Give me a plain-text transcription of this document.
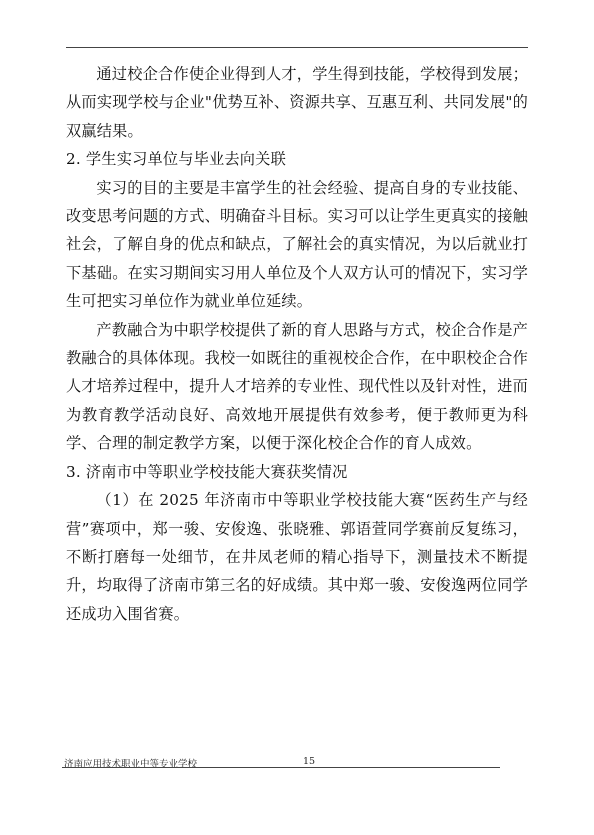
通过校企合作使企业得到人才，学生得到技能，学校得到发展；从而实现学校与企业"优势互补、资源共享、互惠互利、共同发展"的双赢结果。

2. 学生实习单位与毕业去向关联

实习的目的主要是丰富学生的社会经验、提高自身的专业技能、改变思考问题的方式、明确奋斗目标。实习可以让学生更真实的接触社会，了解自身的优点和缺点，了解社会的真实情况，为以后就业打下基础。在实习期间实习用人单位及个人双方认可的情况下，实习学生可把实习单位作为就业单位延续。

产教融合为中职学校提供了新的育人思路与方式，校企合作是产教融合的具体体现。我校一如既往的重视校企合作，在中职校企合作人才培养过程中，提升人才培养的专业性、现代性以及针对性，进而为教育教学活动良好、高效地开展提供有效参考，便于教师更为科学、合理的制定教学方案，以便于深化校企合作的育人成效。

3. 济南市中等职业学校技能大赛获奖情况

（1）在 2025 年济南市中等职业学校技能大赛“医药生产与经营”赛项中，郑一骏、安俊逸、张晓雅、郭语萱同学赛前反复练习，不断打磨每一处细节，在井凤老师的精心指导下，测量技术不断提升，均取得了济南市第三名的好成绩。其中郑一骏、安俊逸两位同学还成功入围省赛。

济南应用技术职业中等专业学校	15
